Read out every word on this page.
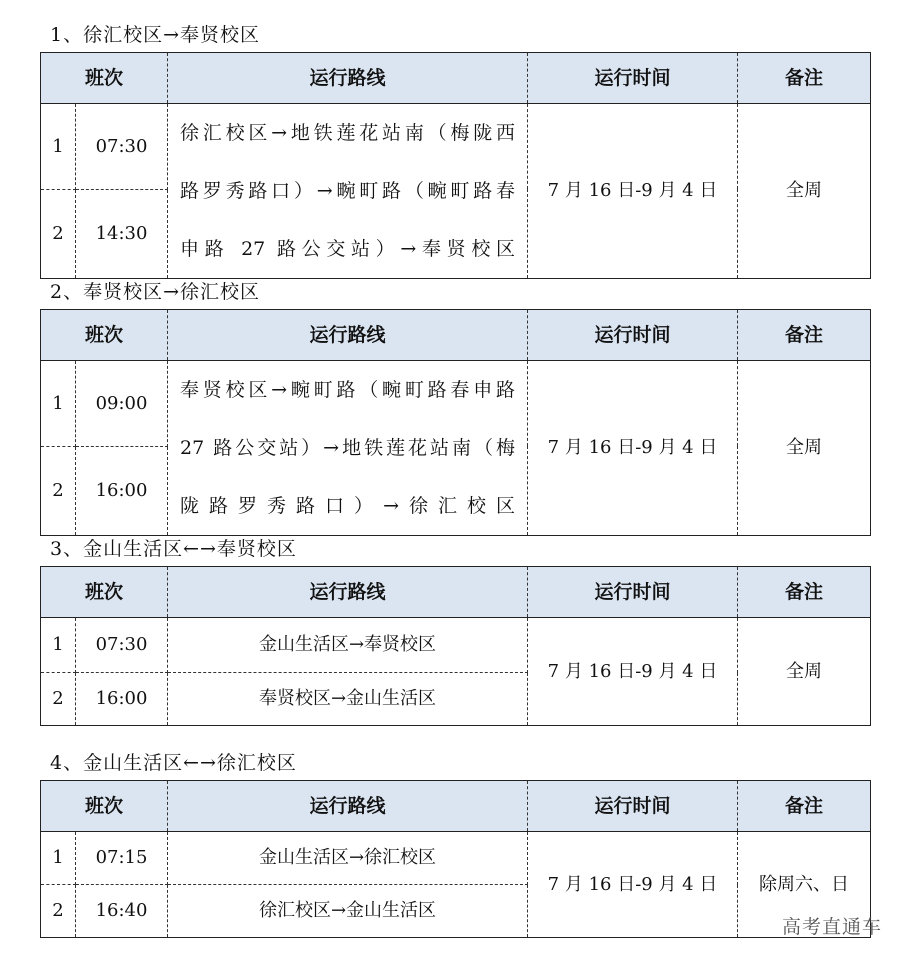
1、徐汇校区→奉贤校区
班次		运行路线	运行时间	备注
1	07:30	徐汇校区→地铁莲花站南（梅陇西
路罗秀路口）→畹町路（畹町路春
申路 27 路公交站）→奉贤校区	7 月 16 日-9 月 4 日	全周
2	14:30			
2、奉贤校区→徐汇校区
班次		运行路线	运行时间	备注
1	09:00	奉贤校区→畹町路（畹町路春申路
27 路公交站）→地铁莲花站南（梅
陇路罗秀路口）→徐汇校区	7 月 16 日-9 月 4 日	全周
2	16:00			
3、金山生活区←→奉贤校区
班次		运行路线	运行时间	备注
1	07:30	金山生活区→奉贤校区	7 月 16 日-9 月 4 日	全周
2	16:00	奉贤校区→金山生活区		
4、金山生活区←→徐汇校区
班次		运行路线	运行时间	备注
1	07:15	金山生活区→徐汇校区	7 月 16 日-9 月 4 日	除周六、日
2	16:40	徐汇校区→金山生活区		
高考直通车
